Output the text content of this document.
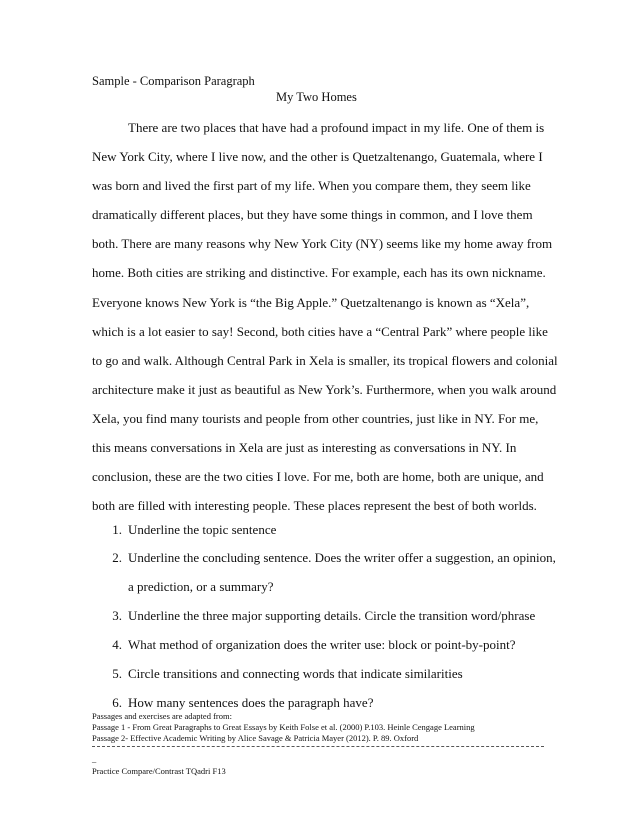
Sample - Comparison Paragraph
My Two Homes
There are two places that have had a profound impact in my life. One of them is
New York City, where I live now, and the other is Quetzaltenango, Guatemala, where I
was born and lived the first part of my life. When you compare them, they seem like
dramatically different places, but they have some things in common, and I love them
both. There are many reasons why New York City (NY) seems like my home away from
home. Both cities are striking and distinctive. For example, each has its own nickname.
Everyone knows New York is “the Big Apple.” Quetzaltenango is known as “Xela”,
which is a lot easier to say! Second, both cities have a “Central Park” where people like
to go and walk. Although Central Park in Xela is smaller, its tropical flowers and colonial
architecture make it just as beautiful as New York’s. Furthermore, when you walk around
Xela, you find many tourists and people from other countries, just like in NY. For me,
this means conversations in Xela are just as interesting as conversations in NY. In
conclusion, these are the two cities I love. For me, both are home, both are unique, and
both are filled with interesting people. These places represent the best of both worlds.
1. Underline the topic sentence
2. Underline the concluding sentence. Does the writer offer a suggestion, an opinion,
a prediction, or a summary?
3. Underline the three major supporting details. Circle the transition word/phrase
4. What method of organization does the writer use: block or point-by-point?
5. Circle transitions and connecting words that indicate similarities
6. How many sentences does the paragraph have?
Passages and exercises are adapted from:
Passage 1 - From Great Paragraphs to Great Essays by Keith Folse et al. (2000) P.103. Heinle Cengage Learning
Passage 2- Effective Academic Writing by Alice Savage & Patricia Mayer (2012). P. 89. Oxford
_
Practice Compare/Contrast TQadri F13
